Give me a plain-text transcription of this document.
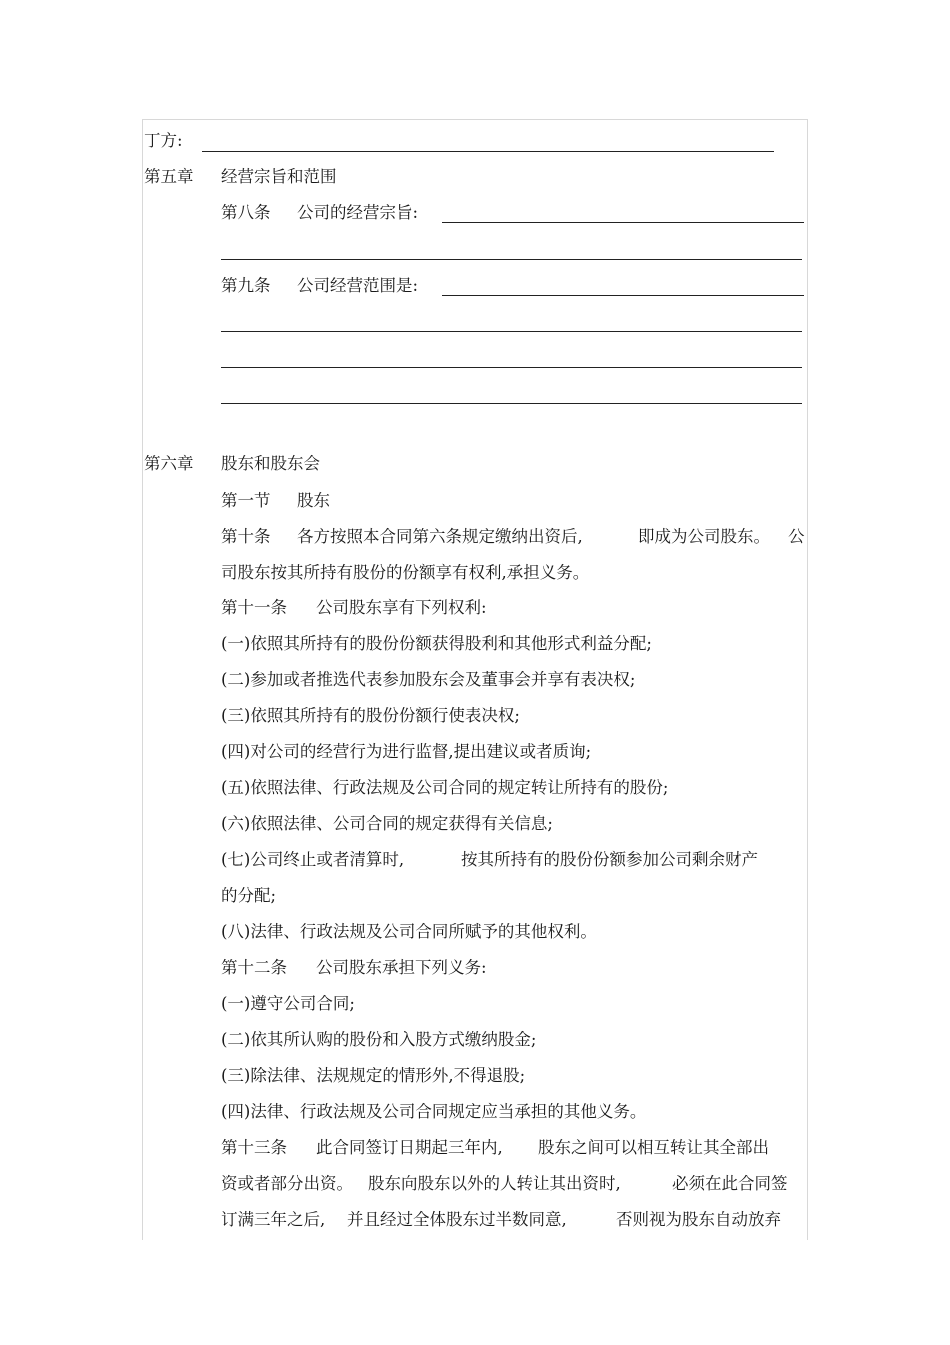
丁方:
第五章 经营宗旨和范围
第八条 公司的经营宗旨:
第九条 公司经营范围是:
第六章 股东和股东会
第一节 股东
第十条 各方按照本合同第六条规定缴纳出资后,	即成为公司股东。 公
司股东按其所持有股份的份额享有权利,承担义务。
第十一条 公司股东享有下列权利:
(一)依照其所持有的股份份额获得股利和其他形式利益分配;
(二)参加或者推选代表参加股东会及董事会并享有表决权;
(三)依照其所持有的股份份额行使表决权;
(四)对公司的经营行为进行监督,提出建议或者质询;
(五)依照法律、行政法规及公司合同的规定转让所持有的股份;
(六)依照法律、公司合同的规定获得有关信息;
(七)公司终止或者清算时,	按其所持有的股份份额参加公司剩余财产
的分配;
(八)法律、行政法规及公司合同所赋予的其他权利。
第十二条 公司股东承担下列义务:
(一)遵守公司合同;
(二)依其所认购的股份和入股方式缴纳股金;
(三)除法律、法规规定的情形外,不得退股;
(四)法律、行政法规及公司合同规定应当承担的其他义务。
第十三条 此合同签订日期起三年内, 股东之间可以相互转让其全部出
资或者部分出资。 股东向股东以外的人转让其出资时,	必须在此合同签
订满三年之后, 并且经过全体股东过半数同意,	否则视为股东自动放弃
